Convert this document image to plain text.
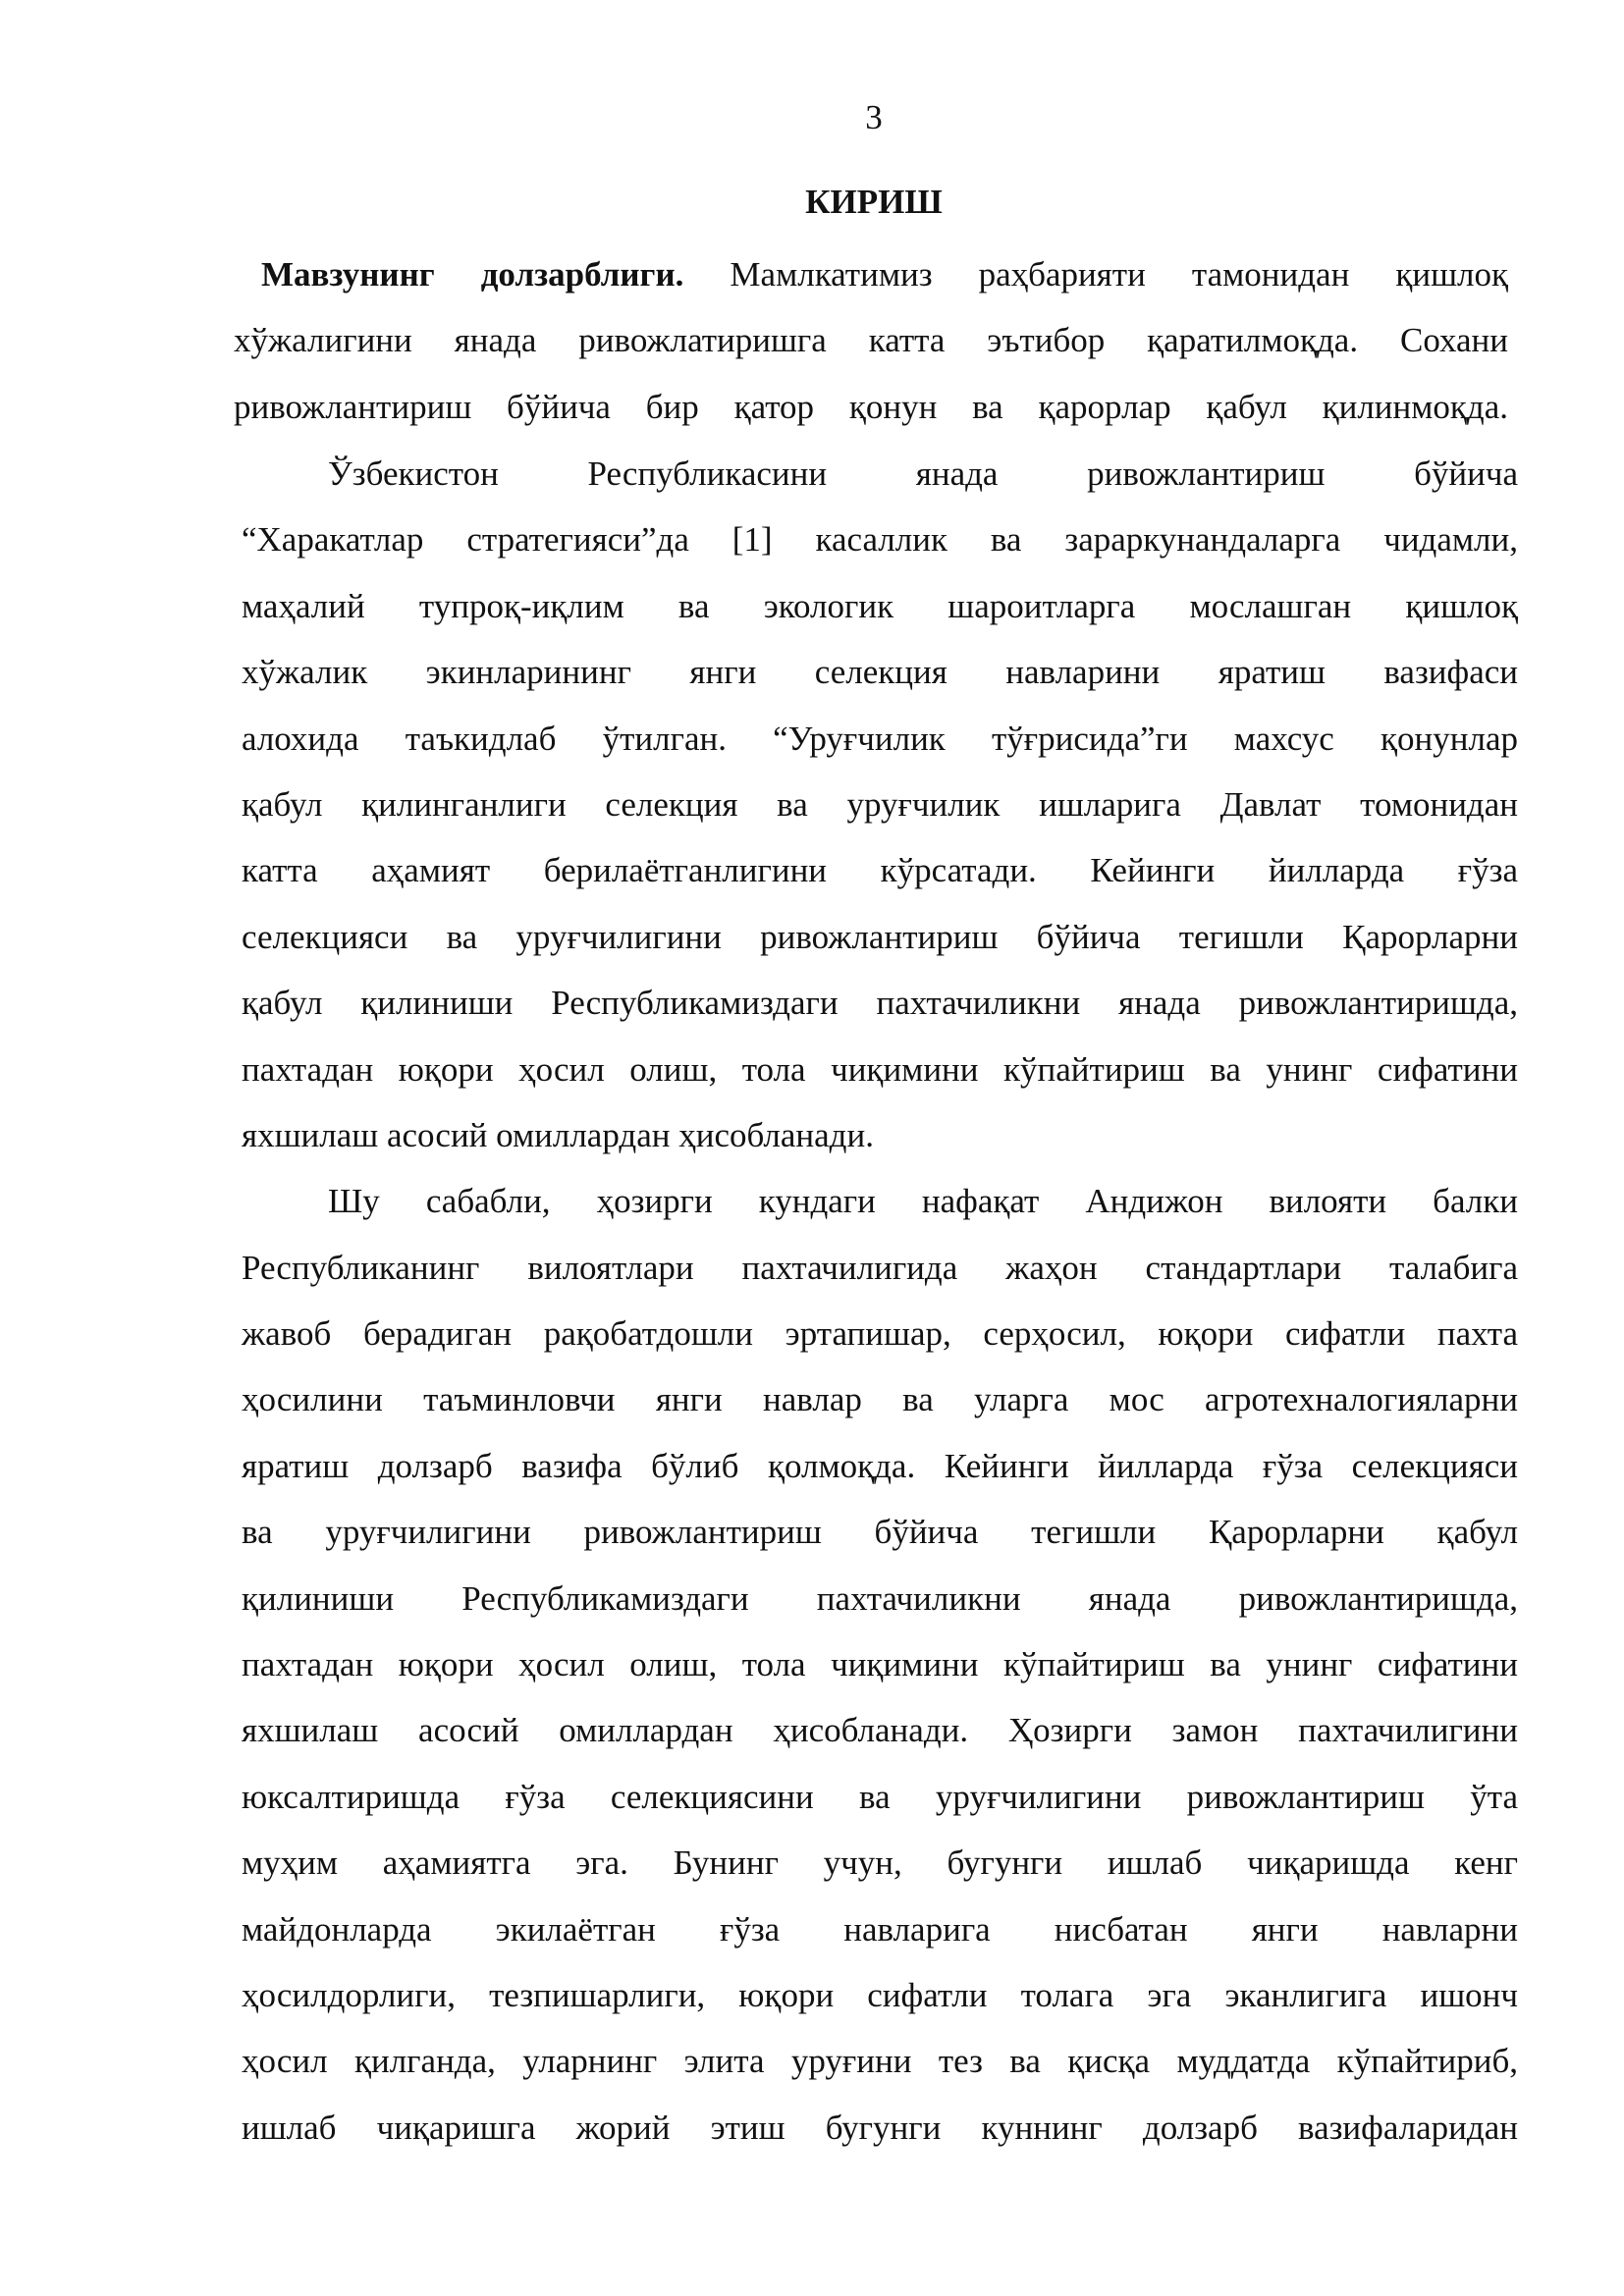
3
КИРИШ
Мавзунинг долзарблиги. Мамлкатимиз раҳбарияти тамонидан қишлоқ
хўжалигини янада ривожлатиришга катта эътибор қаратилмоқда. Сохани
ривожлантириш бўйича бир қатор қонун ва қарорлар қабул қилинмоқда.
Ўзбекистон Республикасини янада ривожлантириш бўйича
“Харакатлар стратегияси”да [1] касаллик ва зараркунандаларга чидамли,
маҳалий тупроқ-иқлим ва экологик шароитларга мослашган қишлоқ
хўжалик экинларининг янги селекция навларини яратиш вазифаси
алохида таъкидлаб ўтилган. “Уруғчилик тўғрисида”ги махсус қонунлар
қабул қилинганлиги селекция ва уруғчилик ишларига Давлат томонидан
катта аҳамият берилаётганлигини кўрсатади. Кейинги йилларда ғўза
селекцияси ва уруғчилигини ривожлантириш бўйича тегишли Қарорларни
қабул қилиниши Республикамиздаги пахтачиликни янада ривожлантиришда,
пахтадан юқори ҳосил олиш, тола чиқимини кўпайтириш ва унинг сифатини
яхшилаш асосий омиллардан ҳисобланади.
Шу сабабли, ҳозирги кундаги нафақат Андижон вилояти балки
Республиканинг вилоятлари пахтачилигида жаҳон стандартлари талабига
жавоб берадиган рақобатдошли эртапишар, серҳосил, юқори сифатли пахта
ҳосилини таъминловчи янги навлар ва уларга мос агротехналогияларни
яратиш долзарб вазифа бўлиб қолмоқда. Кейинги йилларда ғўза селекцияси
ва уруғчилигини ривожлантириш бўйича тегишли Қарорларни қабул
қилиниши Республикамиздаги пахтачиликни янада ривожлантиришда,
пахтадан юқори ҳосил олиш, тола чиқимини кўпайтириш ва унинг сифатини
яхшилаш асосий омиллардан ҳисобланади. Ҳозирги замон пахтачилигини
юксалтиришда ғўза селекциясини ва уруғчилигини ривожлантириш ўта
муҳим аҳамиятга эга. Бунинг учун, бугунги ишлаб чиқаришда кенг
майдонларда экилаётган ғўза навларига нисбатан янги навларни
ҳосилдорлиги, тезпишарлиги, юқори сифатли толага эга эканлигига ишонч
ҳосил қилганда, уларнинг элита уруғини тез ва қисқа муддатда кўпайтириб,
ишлаб чиқаришга жорий этиш бугунги куннинг долзарб вазифаларидан
